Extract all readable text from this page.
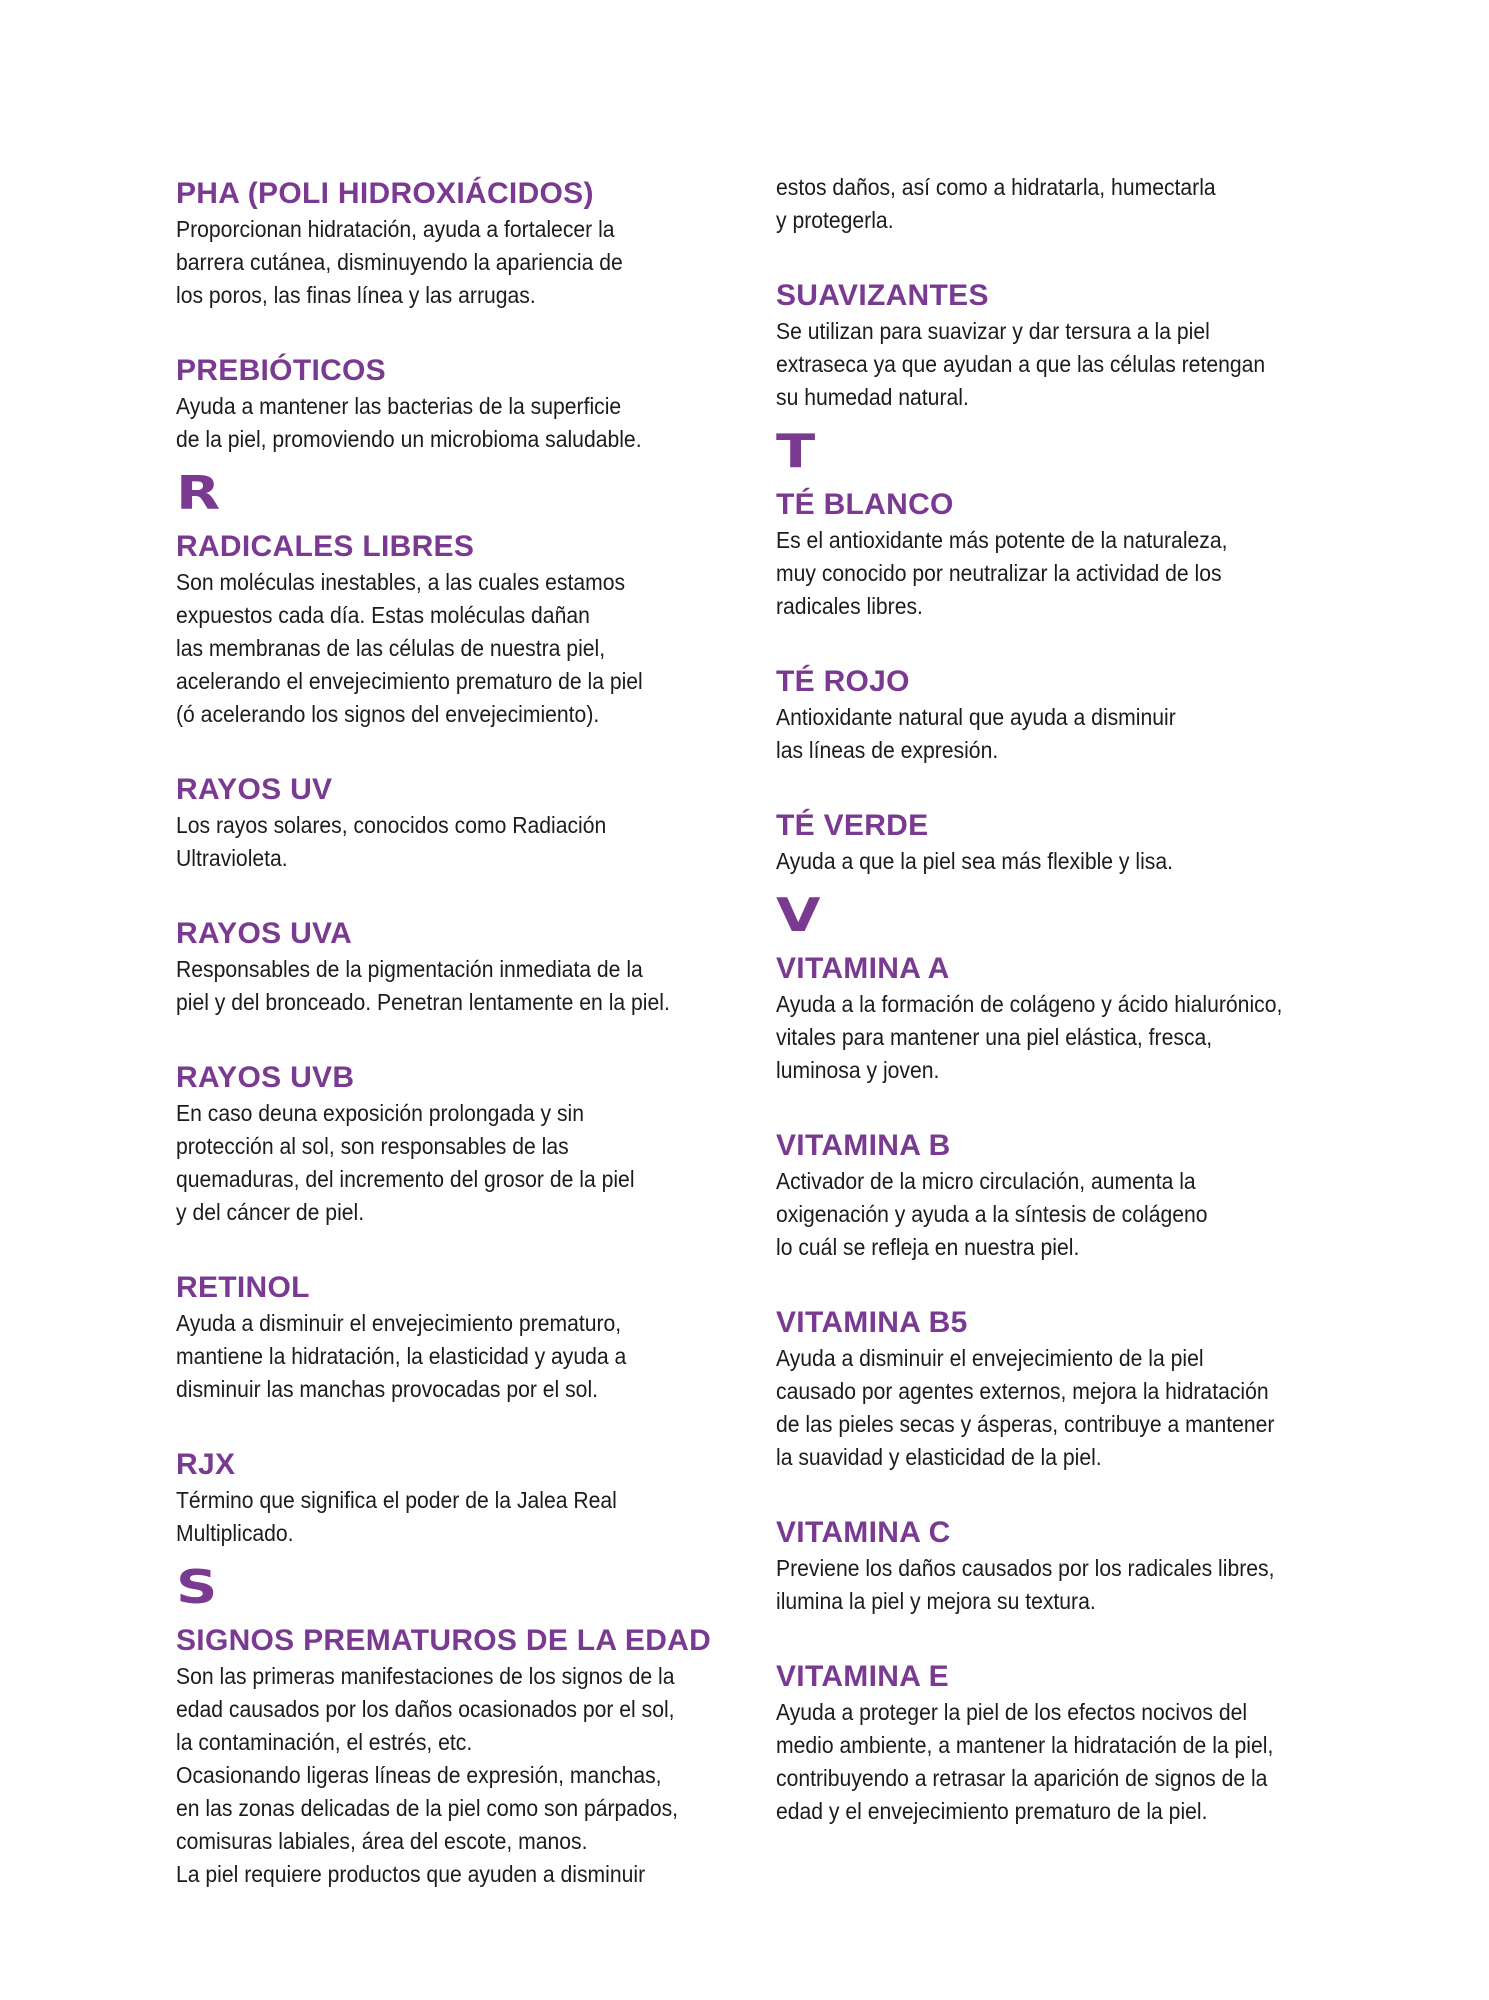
PHA (POLI HIDROXIÁCIDOS)

Proporcionan hidratación, ayuda a fortalecer la
barrera cutánea, disminuyendo la apariencia de
los poros, las finas línea y las arrugas.

PREBIÓTICOS

Ayuda a mantener las bacterias de la superficie
de la piel, promoviendo un microbioma saludable.

R
RADICALES LIBRES

Son moléculas inestables, a las cuales estamos
expuestos cada día. Estas moléculas dañan
las membranas de las células de nuestra piel,
acelerando el envejecimiento prematuro de la piel
(ó acelerando los signos del envejecimiento).

RAYOS UV

Los rayos solares, conocidos como Radiación
Ultravioleta.

RAYOS UVA

Responsables de la pigmentación inmediata de la
piel y del bronceado. Penetran lentamente en la piel.

RAYOS UVB

En caso deuna exposición prolongada y sin
protección al sol, son responsables de las
quemaduras, del incremento del grosor de la piel
y del cáncer de piel.

RETINOL

Ayuda a disminuir el envejecimiento prematuro,
mantiene la hidratación, la elasticidad y ayuda a
disminuir las manchas provocadas por el sol.

RJX

Término que significa el poder de la Jalea Real
Multiplicado.

S
SIGNOS PREMATUROS DE LA EDAD

Son las primeras manifestaciones de los signos de la
edad causados por los daños ocasionados por el sol,
la contaminación, el estrés, etc.
Ocasionando ligeras líneas de expresión, manchas,
en las zonas delicadas de la piel como son párpados,
comisuras labiales, área del escote, manos.
La piel requiere productos que ayuden a disminuir

estos daños, así como a hidratarla, humectarla
y protegerla.

SUAVIZANTES

Se utilizan para suavizar y dar tersura a la piel
extraseca ya que ayudan a que las células retengan
su humedad natural.

T
TÉ BLANCO

Es el antioxidante más potente de la naturaleza,
muy conocido por neutralizar la actividad de los
radicales libres.

TÉ ROJO

Antioxidante natural que ayuda a disminuir
las líneas de expresión.

TÉ VERDE

Ayuda a que la piel sea más flexible y lisa.

V
VITAMINA A

Ayuda a la formación de colágeno y ácido hialurónico,
vitales para mantener una piel elástica, fresca,
luminosa y joven.

VITAMINA B

Activador de la micro circulación, aumenta la
oxigenación y ayuda a la síntesis de colágeno
lo cuál se refleja en nuestra piel.

VITAMINA B5

Ayuda a disminuir el envejecimiento de la piel
causado por agentes externos, mejora la hidratación
de las pieles secas y ásperas, contribuye a mantener
la suavidad y elasticidad de la piel.

VITAMINA C

Previene los daños causados por los radicales libres,
ilumina la piel y mejora su textura.

VITAMINA E

Ayuda a proteger la piel de los efectos nocivos del
medio ambiente, a mantener la hidratación de la piel,
contribuyendo a retrasar la aparición de signos de la
edad y el envejecimiento prematuro de la piel.
